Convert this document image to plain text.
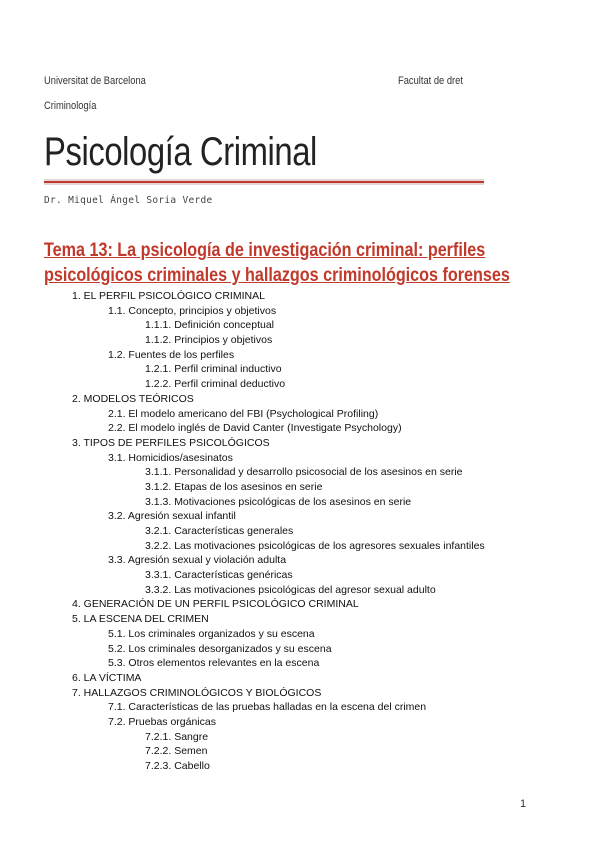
Universitat de Barcelona	Facultat de dret
Criminología
Psicología Criminal
Dr. Miquel Ángel Soria Verde
Tema 13: La psicología de investigación criminal: perfiles
psicológicos criminales y hallazgos criminológicos forenses
1. EL PERFIL PSICOLÓGICO CRIMINAL
1.1. Concepto, principios y objetivos
1.1.1. Definición conceptual
1.1.2. Principios y objetivos
1.2. Fuentes de los perfiles
1.2.1. Perfil criminal inductivo
1.2.2. Perfil criminal deductivo
2. MODELOS TEÓRICOS
2.1. El modelo americano del FBI (Psychological Profiling)
2.2. El modelo inglés de David Canter (Investigate Psychology)
3. TIPOS DE PERFILES PSICOLÓGICOS
3.1. Homicidios/asesinatos
3.1.1. Personalidad y desarrollo psicosocial de los asesinos en serie
3.1.2. Etapas de los asesinos en serie
3.1.3. Motivaciones psicológicas de los asesinos en serie
3.2. Agresión sexual infantil
3.2.1. Características generales
3.2.2. Las motivaciones psicológicas de los agresores sexuales infantiles
3.3. Agresión sexual y violación adulta
3.3.1. Características genéricas
3.3.2. Las motivaciones psicológicas del agresor sexual adulto
4. GENERACIÓN DE UN PERFIL PSICOLÓGICO CRIMINAL
5. LA ESCENA DEL CRIMEN
5.1. Los criminales organizados y su escena
5.2. Los criminales desorganizados y su escena
5.3. Otros elementos relevantes en la escena
6. LA VÍCTIMA
7. HALLAZGOS CRIMINOLÓGICOS Y BIOLÓGICOS
7.1. Características de las pruebas halladas en la escena del crimen
7.2. Pruebas orgánicas
7.2.1. Sangre
7.2.2. Semen
7.2.3. Cabello
1
